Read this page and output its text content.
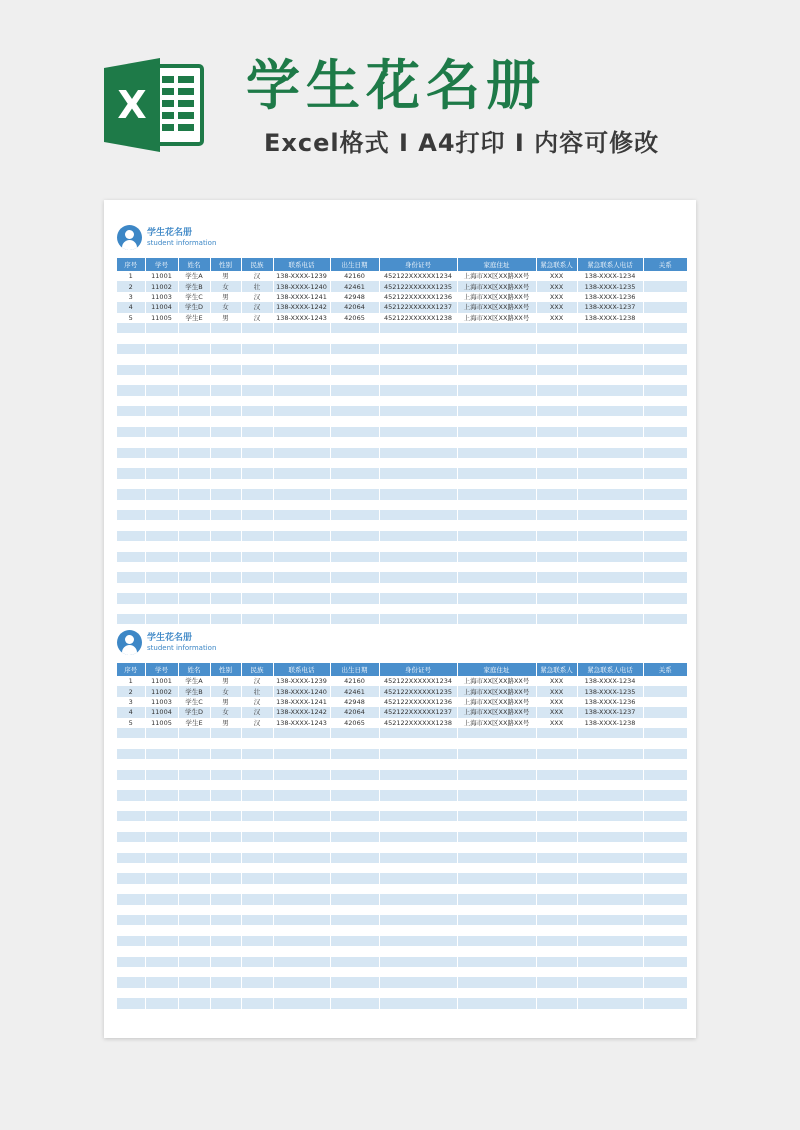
X 学生花名册
Excel格式 I A4打印 I 内容可修改
学生花名册
student information
序号	学号	姓名	性别	民族	联系电话	出生日期	身份证号	家庭住址	紧急联系人	紧急联系人电话	关系
1	11001	学生A	男	汉	138-XXXX-1239	42160	452122XXXXXX1234	上海市XX区XX路XX号	XXX	138-XXXX-1234	
2	11002	学生B	女	壮	138-XXXX-1240	42461	452122XXXXXX1235	上海市XX区XX路XX号	XXX	138-XXXX-1235	
3	11003	学生C	男	汉	138-XXXX-1241	42948	452122XXXXXX1236	上海市XX区XX路XX号	XXX	138-XXXX-1236	
4	11004	学生D	女	汉	138-XXXX-1242	42064	452122XXXXXX1237	上海市XX区XX路XX号	XXX	138-XXXX-1237	
5	11005	学生E	男	汉	138-XXXX-1243	42065	452122XXXXXX1238	上海市XX区XX路XX号	XXX	138-XXXX-1238	

学生花名册
student information
序号	学号	姓名	性别	民族	联系电话	出生日期	身份证号	家庭住址	紧急联系人	紧急联系人电话	关系
1	11001	学生A	男	汉	138-XXXX-1239	42160	452122XXXXXX1234	上海市XX区XX路XX号	XXX	138-XXXX-1234	
2	11002	学生B	女	壮	138-XXXX-1240	42461	452122XXXXXX1235	上海市XX区XX路XX号	XXX	138-XXXX-1235	
3	11003	学生C	男	汉	138-XXXX-1241	42948	452122XXXXXX1236	上海市XX区XX路XX号	XXX	138-XXXX-1236	
4	11004	学生D	女	汉	138-XXXX-1242	42064	452122XXXXXX1237	上海市XX区XX路XX号	XXX	138-XXXX-1237	
5	11005	学生E	男	汉	138-XXXX-1243	42065	452122XXXXXX1238	上海市XX区XX路XX号	XXX	138-XXXX-1238	
